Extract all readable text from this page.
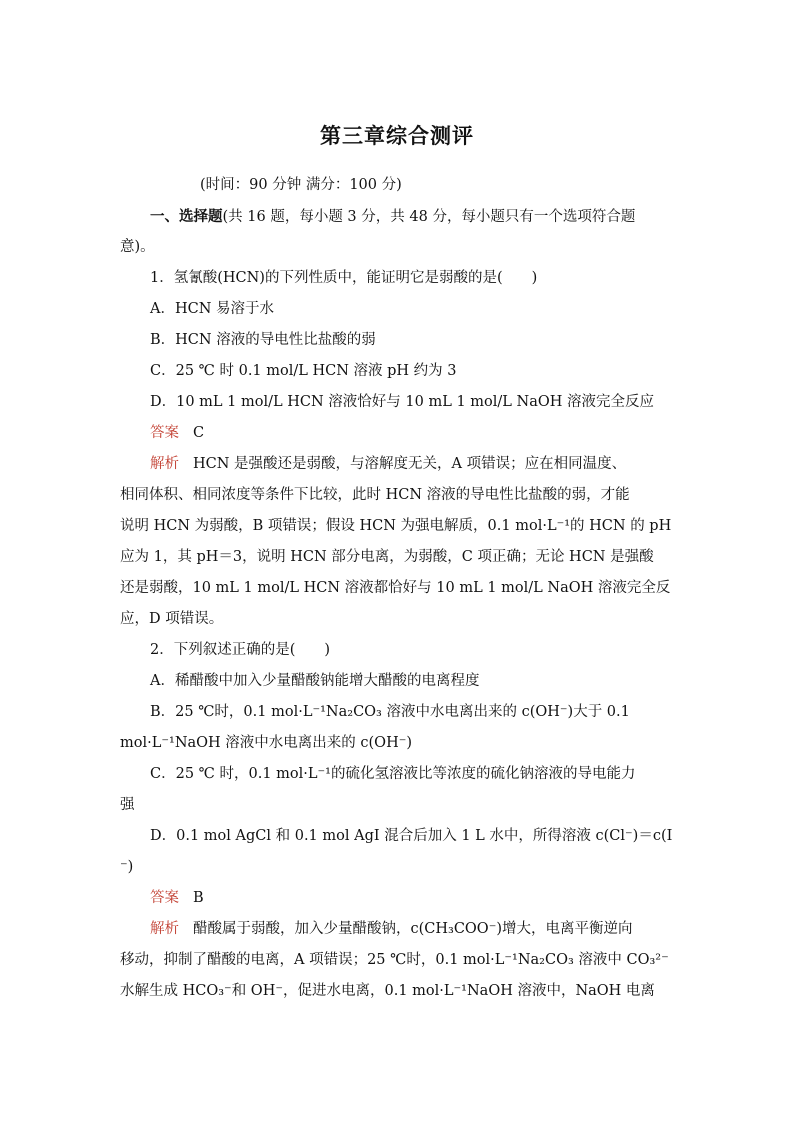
第三章综合测评
(时间：90 分钟 满分：100 分)
一、选择题(共 16 题，每小题 3 分，共 48 分，每小题只有一个选项符合题
意)。
1．氢氰酸(HCN)的下列性质中，能证明它是弱酸的是(　　)
A．HCN 易溶于水
B．HCN 溶液的导电性比盐酸的弱
C．25 ℃ 时 0.1 mol/L HCN 溶液 pH 约为 3
D．10 mL 1 mol/L HCN 溶液恰好与 10 mL 1 mol/L NaOH 溶液完全反应
答案 C
解析 HCN 是强酸还是弱酸，与溶解度无关，A 项错误；应在相同温度、
相同体积、相同浓度等条件下比较，此时 HCN 溶液的导电性比盐酸的弱，才能
说明 HCN 为弱酸，B 项错误；假设 HCN 为强电解质，0.1 mol·L⁻¹的 HCN 的 pH
应为 1，其 pH＝3，说明 HCN 部分电离，为弱酸，C 项正确；无论 HCN 是强酸
还是弱酸，10 mL 1 mol/L HCN 溶液都恰好与 10 mL 1 mol/L NaOH 溶液完全反
应，D 项错误。
2．下列叙述正确的是(　　)
A．稀醋酸中加入少量醋酸钠能增大醋酸的电离程度
B．25 ℃时，0.1 mol·L⁻¹Na₂CO₃ 溶液中水电离出来的 c(OH⁻)大于 0.1
mol·L⁻¹NaOH 溶液中水电离出来的 c(OH⁻)
C．25 ℃ 时，0.1 mol·L⁻¹的硫化氢溶液比等浓度的硫化钠溶液的导电能力
强
D．0.1 mol AgCl 和 0.1 mol AgI 混合后加入 1 L 水中，所得溶液 c(Cl⁻)＝c(I
⁻)
答案 B
解析 醋酸属于弱酸，加入少量醋酸钠，c(CH₃COO⁻)增大，电离平衡逆向
移动，抑制了醋酸的电离，A 项错误；25 ℃时，0.1 mol·L⁻¹Na₂CO₃ 溶液中 CO₃²⁻
水解生成 HCO₃⁻和 OH⁻，促进水电离，0.1 mol·L⁻¹NaOH 溶液中，NaOH 电离
